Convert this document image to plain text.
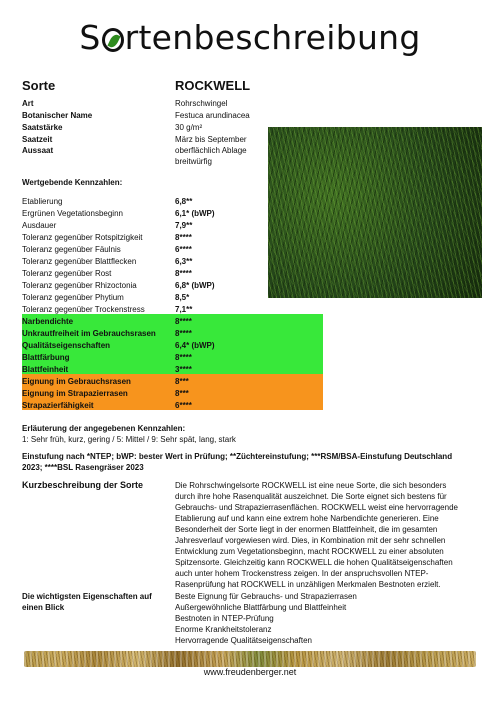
S rtenbeschreibung
Sorte	ROCKWELL
Art	Rohrschwingel
Botanischer Name	Festuca arundinacea
Saatstärke	30 g/m²
Saatzeit	März bis September
Aussaat	oberflächlich Ablage
breitwürfig
Wertgebende Kennzahlen:
Etablierung	6,8**
Ergrünen Vegetationsbeginn	6,1* (bWP)
Ausdauer	7,9**
Toleranz gegenüber Rotspitzigkeit	8****
Toleranz gegenüber Fäulnis	6****
Toleranz gegenüber Blattflecken	6,3**
Toleranz gegenüber Rost	8****
Toleranz gegenüber Rhizoctonia	6,8* (bWP)
Toleranz gegenüber Phytium	8,5*
Toleranz gegenüber Trockenstress	7,1**
Narbendichte	8****
Unkrautfreiheit im Gebrauchsrasen 8****
Qualitätseigenschaften	6,4* (bWP)
Blattfärbung	8****
Blattfeinheit	3****
Eignung im Gebrauchsrasen	8***
Eignung im Strapazierrasen	8***
Strapazierfähigkeit	6****
Erläuterung der angegebenen Kennzahlen:
1: Sehr früh, kurz, gering / 5: Mittel / 9: Sehr spät, lang, stark
Einstufung nach *NTEP; bWP: bester Wert in Prüfung; **Züchtereinstufung; ***RSM/BSA-Einstufung Deutschland
2023; ****BSL Rasengräser 2023
Kurzbeschreibung der Sorte	Die Rohrschwingelsorte ROCKWELL ist eine neue Sorte, die sich besonders
durch ihre hohe Rasenqualität auszeichnet. Die Sorte eignet sich bestens für
Gebrauchs- und Strapazierrasenflächen. ROCKWELL weist eine hervorragende
Etablierung auf und kann eine extrem hohe Narbendichte generieren. Eine
Besonderheit der Sorte liegt in der enormen Blattfeinheit, die im gesamten
Jahresverlauf vorgewiesen wird. Dies, in Kombination mit der sehr schnellen
Entwicklung zum Vegetationsbeginn, macht ROCKWELL zu einer absoluten
Spitzensorte. Gleichzeitig kann ROCKWELL die hohen Qualitätseigenschaften
auch unter hohem Trockenstress zeigen. In der anspruchsvollen NTEP-
Rasenprüfung hat ROCKWELL in unzähligen Merkmalen Bestnoten erzielt.
Die wichtigsten Eigenschaften auf
einen Blick
Beste Eignung für Gebrauchs- und Strapazierrasen
Außergewöhnliche Blattfärbung und Blattfeinheit
Bestnoten in NTEP-Prüfung
Enorme Krankheitstoleranz
Hervorragende Qualitätseigenschaften
www.freudenberger.net
